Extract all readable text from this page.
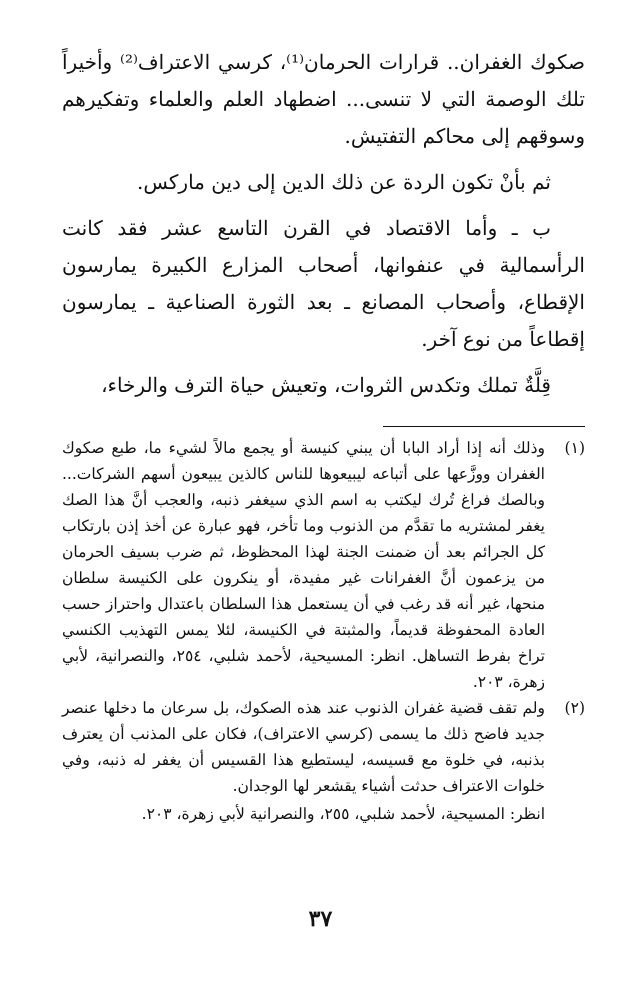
صكوك الغفران.. قرارات الحرمان⁽¹⁾، كرسي الاعتراف⁽²⁾ وأخيراً تلك الوصمة التي لا تنسى... اضطهاد العلم والعلماء وتفكيرهم وسوقهم إلى محاكم التفتيش.

ثم بأنْ تكون الردة عن ذلك الدين إلى دين ماركس.

ب ـ وأما الاقتصاد في القرن التاسع عشر فقد كانت الرأسمالية في عنفوانها، أصحاب المزارع الكبيرة يمارسون الإقطاع، وأصحاب المصانع ـ بعد الثورة الصناعية ـ يمارسون إقطاعاً من نوع آخر.

قِلَّةٌ تملك وتكدس الثروات، وتعيش حياة الترف والرخاء،

(١)

وذلك أنه إذا أراد البابا أن يبني كنيسة أو يجمع مالاً لشيء ما، طبع صكوك الغفران ووزَّعها على أتباعه ليبيعوها للناس كالذين يبيعون أسهم الشركات... وبالصك فراغ تُرك ليكتب به اسم الذي سيغفر ذنبه، والعجب أنَّ هذا الصك يغفر لمشتريه ما تقدَّم من الذنوب وما تأخر، فهو عبارة عن أخذ إذن بارتكاب كل الجرائم بعد أن ضمنت الجنة لهذا المحظوظ، ثم ضرب بسيف الحرمان من يزعمون أنَّ الغفرانات غير مفيدة، أو ينكرون على الكنيسة سلطان منحها، غير أنه قد رغب في أن يستعمل هذا السلطان باعتدال واحتراز حسب العادة المحفوظة قديماً، والمثبتة في الكنيسة، لئلا يمس التهذيب الكنسي تراخ بفرط التساهل. انظر: المسيحية، لأحمد شلبي، ٢٥٤، والنصرانية، لأبي زهرة، ٢٠٣.

(٢)

ولم تقف قضية غفران الذنوب عند هذه الصكوك، بل سرعان ما دخلها عنصر جديد فاضح ذلك ما يسمى (كرسي الاعتراف)، فكان على المذنب أن يعترف بذنبه، في خلوة مع قسيسه، ليستطيع هذا القسيس أن يغفر له ذنبه، وفي خلوات الاعتراف حدثت أشياء يقشعر لها الوجدان.

انظر: المسيحية، لأحمد شلبي، ٢٥٥، والنصرانية لأبي زهرة، ٢٠٣.

٣٧
